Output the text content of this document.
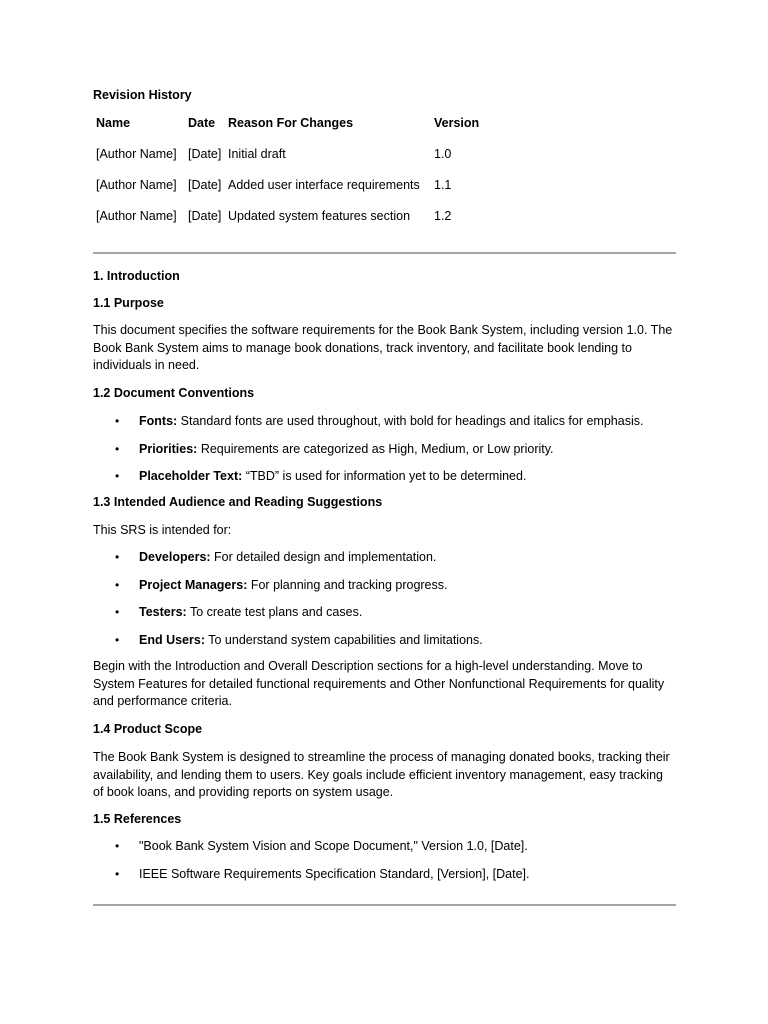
Revision History
Name	Date	Reason For Changes	Version
[Author Name]	[Date]	Initial draft	1.0
[Author Name]	[Date]	Added user interface requirements	1.1
[Author Name]	[Date]	Updated system features section	1.2
1. Introduction
1.1 Purpose
This document specifies the software requirements for the Book Bank System, including version 1.0. The Book Bank System aims to manage book donations, track inventory, and facilitate book lending to individuals in need.
1.2 Document Conventions
• Fonts: Standard fonts are used throughout, with bold for headings and italics for emphasis.
• Priorities: Requirements are categorized as High, Medium, or Low priority.
• Placeholder Text: “TBD” is used for information yet to be determined.
1.3 Intended Audience and Reading Suggestions
This SRS is intended for:
• Developers: For detailed design and implementation.
• Project Managers: For planning and tracking progress.
• Testers: To create test plans and cases.
• End Users: To understand system capabilities and limitations.
Begin with the Introduction and Overall Description sections for a high-level understanding. Move to System Features for detailed functional requirements and Other Nonfunctional Requirements for quality and performance criteria.
1.4 Product Scope
The Book Bank System is designed to streamline the process of managing donated books, tracking their availability, and lending them to users. Key goals include efficient inventory management, easy tracking of book loans, and providing reports on system usage.
1.5 References
• "Book Bank System Vision and Scope Document," Version 1.0, [Date].
• IEEE Software Requirements Specification Standard, [Version], [Date].
